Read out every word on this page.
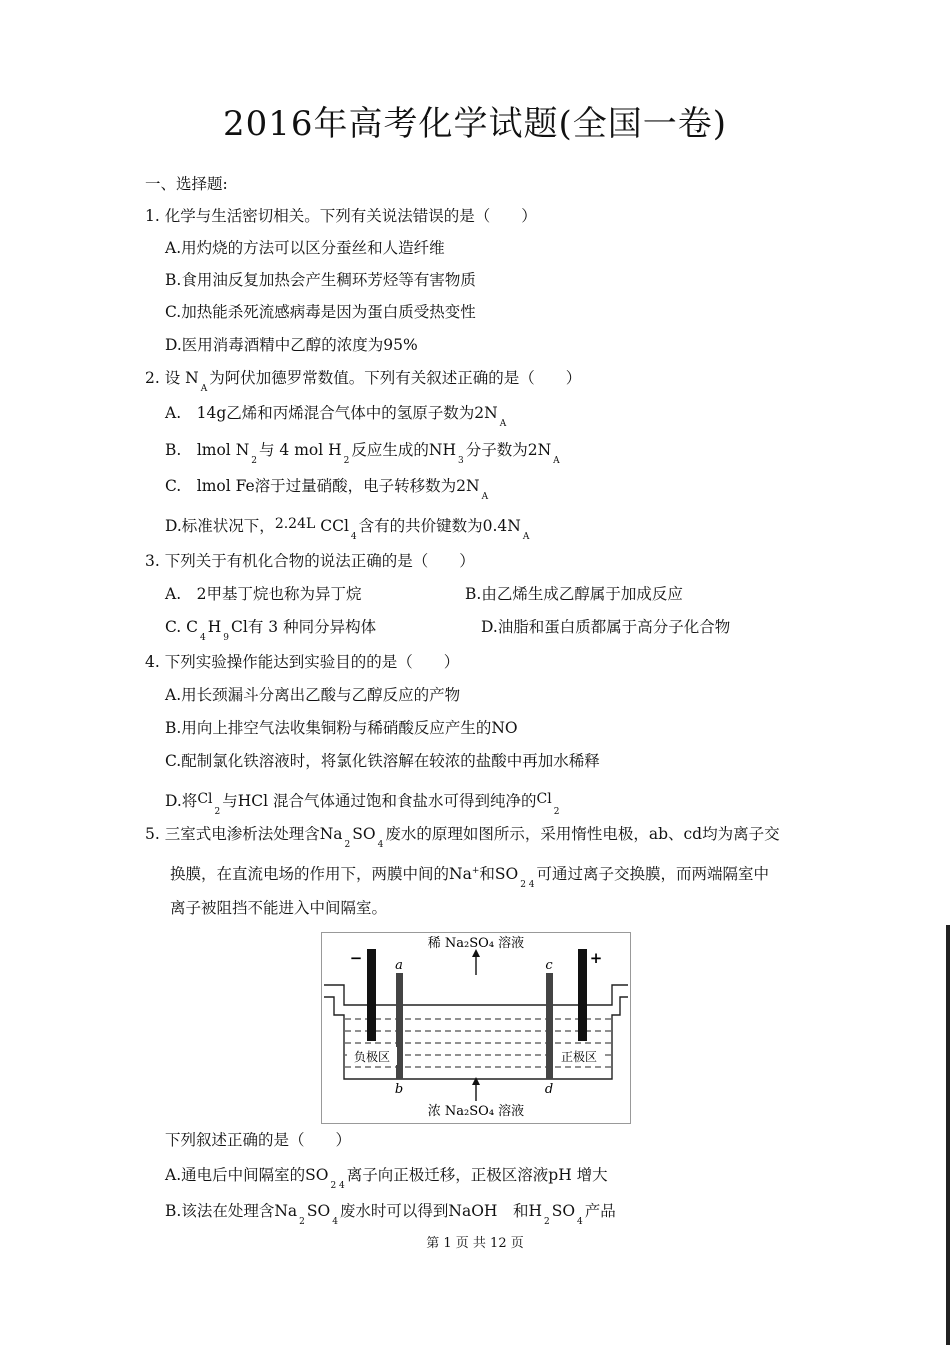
2016年高考化学试题(全国一卷)
一、选择题:
1. 化学与生活密切相关。下列有关说法错误的是（　　）
A.用灼烧的方法可以区分蚕丝和人造纤维
B.食用油反复加热会产生稠环芳烃等有害物质
C.加热能杀死流感病毒是因为蛋白质受热变性
D.医用消毒酒精中乙醇的浓度为95%
2. 设 $N_A$为阿伏加德罗常数值。下列有关叙述正确的是（　　）
A.　14g乙烯和丙烯混合气体中的氢原子数为$2N_A$
B.　lmol $N_2$与 4 mol $H_2$反应生成的$NH_3$分子数为$2N_A$
C.　lmol Fe溶于过量硝酸，电子转移数为$2N_A$
D.标准状况下，2.24L CCl$_4$含有的共价键数为$0.4N_A$
3. 下列关于有机化合物的说法正确的是（　　）
A.　2甲基丁烷也称为异丁烷	B.由乙烯生成乙醇属于加成反应
C. $C_4H_9Cl$有 3 种同分异构体	D.油脂和蛋白质都属于高分子化合物
4. 下列实验操作能达到实验目的的是（　　）
A.用长颈漏斗分离出乙酸与乙醇反应的产物
B.用向上排空气法收集铜粉与稀硝酸反应产生的NO
C.配制氯化铁溶液时，将氯化铁溶解在较浓的盐酸中再加水稀释
D.将$Cl_2$与HCl 混合气体通过饱和食盐水可得到纯净的$Cl_2$
5. 三室式电渗析法处理含$Na_2SO_4$废水的原理如图所示，采用惰性电极，ab、cd均为离子交
换膜，在直流电场的作用下，两膜中间的Na+和$SO_{2 4}$可通过离子交换膜，而两端隔室中
离子被阻挡不能进入中间隔室。
稀 Na₂SO₄ 溶液
浓 Na₂SO₄ 溶液
−	+
a
b
c
d
负极区	正极区
下列叙述正确的是（　　）
A.通电后中间隔室的$SO_{2 4}$离子向正极迁移，正极区溶液pH 增大
B.该法在处理含$Na_2SO_4$废水时可以得到NaOH　和$H_2SO_4$产品
第 1 页 共 12 页
